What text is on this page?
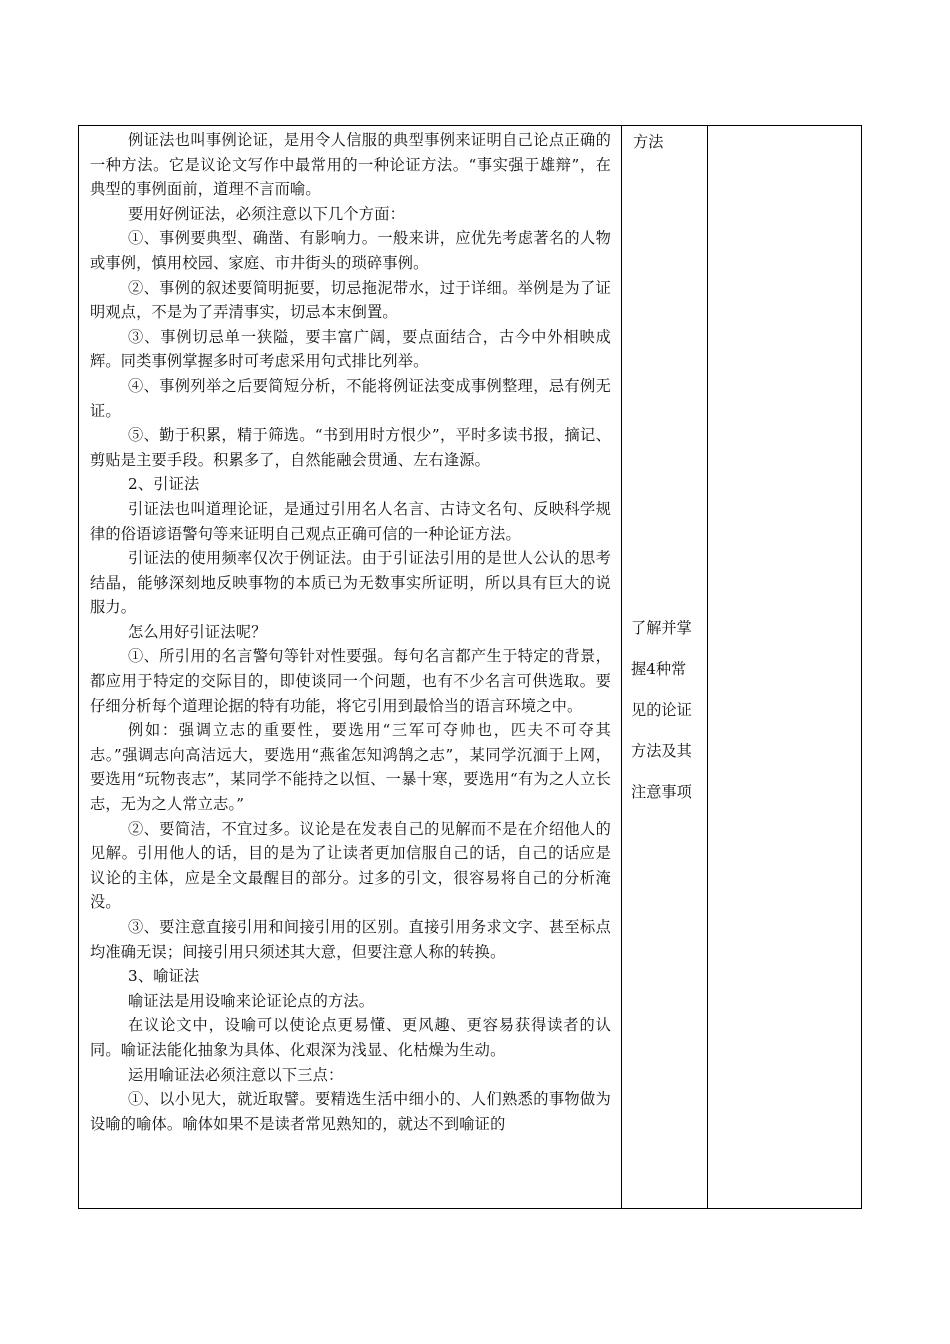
例证法也叫事例论证，是用令人信服的典型事例来证明自己论点正确的一种方法。它是议论文写作中最常用的一种论证方法。“事实强于雄辩”，在典型的事例面前，道理不言而喻。

要用好例证法，必须注意以下几个方面：

①、事例要典型、确凿、有影响力。一般来讲，应优先考虑著名的人物或事例，慎用校园、家庭、市井街头的琐碎事例。

②、事例的叙述要简明扼要，切忌拖泥带水，过于详细。举例是为了证明观点，不是为了弄清事实，切忌本末倒置。

③、事例切忌单一狭隘，要丰富广阔，要点面结合，古今中外相映成辉。同类事例掌握多时可考虑采用句式排比列举。

④、事例列举之后要简短分析，不能将例证法变成事例整理，忌有例无证。

⑤、勤于积累，精于筛选。“书到用时方恨少”，平时多读书报，摘记、剪贴是主要手段。积累多了，自然能融会贯通、左右逢源。

2、引证法

引证法也叫道理论证，是通过引用名人名言、古诗文名句、反映科学规律的俗语谚语警句等来证明自己观点正确可信的一种论证方法。

引证法的使用频率仅次于例证法。由于引证法引用的是世人公认的思考结晶，能够深刻地反映事物的本质已为无数事实所证明，所以具有巨大的说服力。

怎么用好引证法呢？

①、所引用的名言警句等针对性要强。每句名言都产生于特定的背景，都应用于特定的交际目的，即使谈同一个问题，也有不少名言可供选取。要仔细分析每个道理论据的特有功能，将它引用到最恰当的语言环境之中。

例如：强调立志的重要性，要选用“三军可夺帅也，匹夫不可夺其志。”强调志向高洁远大，要选用“燕雀怎知鸿鹄之志”，某同学沉湎于上网，要选用“玩物丧志”，某同学不能持之以恒、一暴十寒，要选用“有为之人立长志，无为之人常立志。”

②、要简洁，不宜过多。议论是在发表自己的见解而不是在介绍他人的见解。引用他人的话，目的是为了让读者更加信服自己的话，自己的话应是议论的主体，应是全文最醒目的部分。过多的引文，很容易将自己的分析淹没。

③、要注意直接引用和间接引用的区别。直接引用务求文字、甚至标点均准确无误；间接引用只须述其大意，但要注意人称的转换。

3、喻证法

喻证法是用设喻来论证论点的方法。

在议论文中，设喻可以使论点更易懂、更风趣、更容易获得读者的认同。喻证法能化抽象为具体、化艰深为浅显、化枯燥为生动。

运用喻证法必须注意以下三点：

①、以小见大，就近取譬。要精选生活中细小的、人们熟悉的事物做为设喻的喻体。喻体如果不是读者常见熟知的，就达不到喻证的

方法

了解并掌
握4种常
见的论证
方法及其
注意事项
